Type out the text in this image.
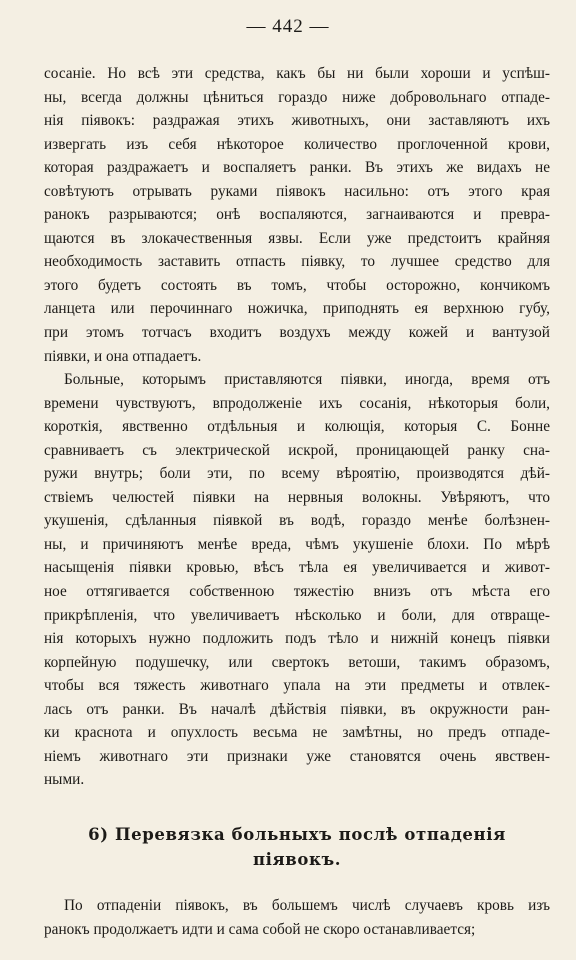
— 442 —

сосаніе. Но всѣ эти средства, какъ бы ни были хороши и успѣш-

ны, всегда должны цѣниться гораздо ниже добровольнаго отпаде-

нія піявокъ: раздражая этихъ животныхъ, они заставляютъ ихъ

извергать изъ себя нѣкоторое количество проглоченной крови,

которая раздражаетъ и воспаляетъ ранки. Въ этихъ же видахъ не

совѣтуютъ отрывать руками піявокъ насильно: отъ этого края

ранокъ разрываются; онѣ воспаляются, загнаиваются и превра-

щаются въ злокачественныя язвы. Если уже предстоитъ крайняя

необходимость заставить отпасть піявку, то лучшее средство для

этого будетъ состоять въ томъ, чтобы осторожно, кончикомъ

ланцета или перочиннаго ножичка, приподнять ея верхнюю губу,

при этомъ тотчасъ входитъ воздухъ между кожей и вантузой

піявки, и она отпадаетъ.

Больные, которымъ приставляются піявки, иногда, время отъ

времени чувствуютъ, впродолженіе ихъ сосанія, нѣкоторыя боли,

короткія, явственно отдѣльныя и колющія, которыя С. Бонне

сравниваетъ съ электрической искрой, проницающей ранку сна-

ружи внутрь; боли эти, по всему вѣроятію, производятся дѣй-

ствіемъ челюстей піявки на нервныя волокны. Увѣряютъ, что

укушенія, сдѣланныя піявкой въ водѣ, гораздо менѣе болѣзнен-

ны, и причиняютъ менѣе вреда, чѣмъ укушеніе блохи. По мѣрѣ

насыщенія піявки кровью, вѣсъ тѣла ея увеличивается и живот-

ное оттягивается собственною тяжестію внизъ отъ мѣста его

прикрѣпленія, что увеличиваетъ нѣсколько и боли, для отвраще-

нія которыхъ нужно подложить подъ тѣло и нижній конецъ піявки

корпейную подушечку, или свертокъ ветоши, такимъ образомъ,

чтобы вся тяжесть животнаго упала на эти предметы и отвлек-

лась отъ ранки. Въ началѣ дѣйствія піявки, въ окружности ран-

ки краснота и опухлость весьма не замѣтны, но предъ отпаде-

ніемъ животнаго эти признаки уже становятся очень явствен-

ными.

6) Перевязка больныхъ послѣ отпаденія
піявокъ.

По отпаденіи піявокъ, въ большемъ числѣ случаевъ кровь изъ

ранокъ продолжаетъ идти и сама собой не скоро останавливается;
